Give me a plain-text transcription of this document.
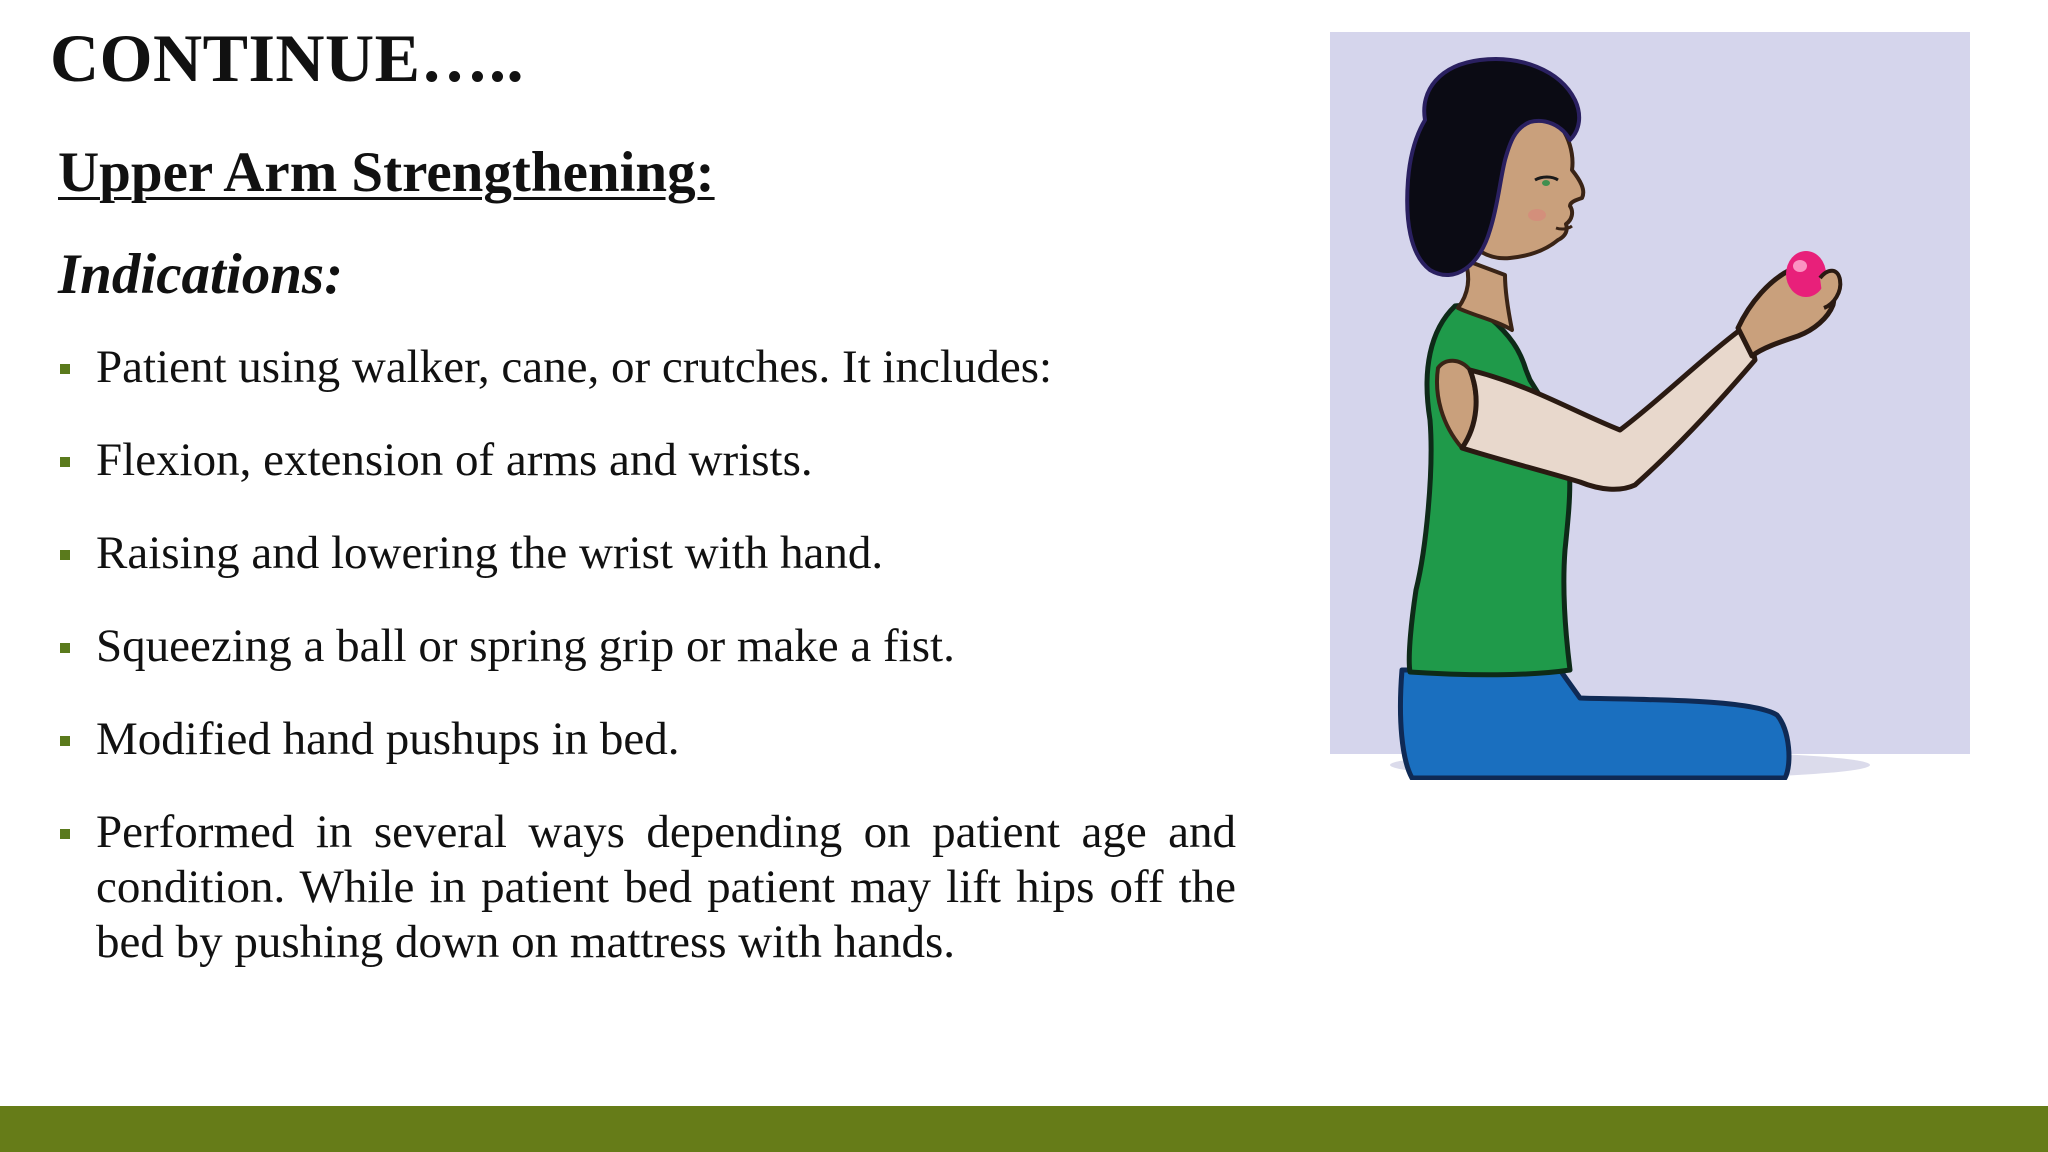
CONTINUE…..
Upper Arm Strengthening:
Indications:
Patient using walker, cane, or crutches. It includes:
Flexion, extension of arms and wrists.
Raising and lowering the wrist with hand.
Squeezing a ball or spring grip or make a fist.
Modified hand pushups in bed.
Performed in several ways depending on patient age and condition. While in patient bed patient may lift hips off the bed by pushing down on mattress with hands.
